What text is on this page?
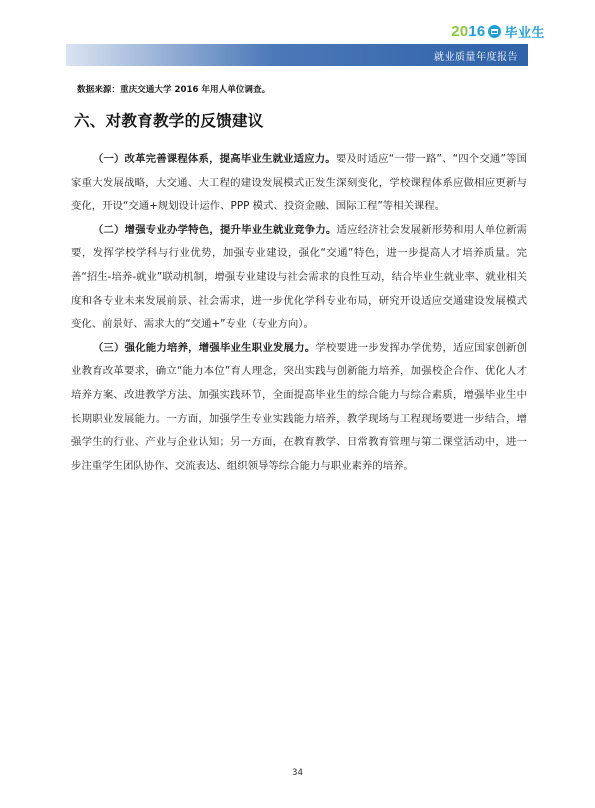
2016 毕业生
就业质量年度报告
数据来源：重庆交通大学 2016 年用人单位调查。
六、对教育教学的反馈建议

（一）改革完善课程体系，提高毕业生就业适应力。要及时适应“一带一路”、“四个交通”等国家重大发展战略，大交通、大工程的建设发展模式正发生深刻变化，学校课程体系应做相应更新与变化，开设“交通+规划设计运作、PPP 模式、投资金融、国际工程”等相关课程。

（二）增强专业办学特色，提升毕业生就业竞争力。适应经济社会发展新形势和用人单位新需要，发挥学校学科与行业优势，加强专业建设，强化“交通”特色，进一步提高人才培养质量。完善“招生-培养-就业”联动机制，增强专业建设与社会需求的良性互动，结合毕业生就业率、就业相关度和各专业未来发展前景、社会需求，进一步优化学科专业布局，研究开设适应交通建设发展模式变化、前景好、需求大的“交通+”专业（专业方向）。

（三）强化能力培养，增强毕业生职业发展力。学校要进一步发挥办学优势，适应国家创新创业教育改革要求，确立“能力本位”育人理念，突出实践与创新能力培养，加强校企合作、优化人才培养方案、改进教学方法、加强实践环节，全面提高毕业生的综合能力与综合素质，增强毕业生中长期职业发展能力。一方面，加强学生专业实践能力培养，教学现场与工程现场要进一步结合，增强学生的行业、产业与企业认知；另一方面，在教育教学、日常教育管理与第二课堂活动中，进一步注重学生团队协作、交流表达、组织领导等综合能力与职业素养的培养。

34
